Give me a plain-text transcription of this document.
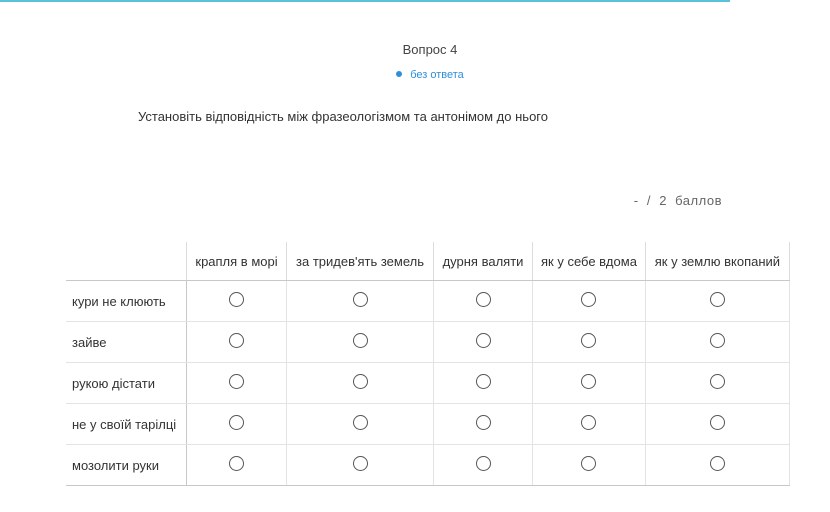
Вопрос 4
без ответа
Установіть відповідність між фразеологізмом та антонімом до нього
- / 2 баллов
	крапля в морі	за тридев'ять земель	дурня валяти	як у себе вдома	як у землю вкопаний
кури не клюють					
зайве					
рукою дістати					
не у своїй тарілці					
мозолити руки					
